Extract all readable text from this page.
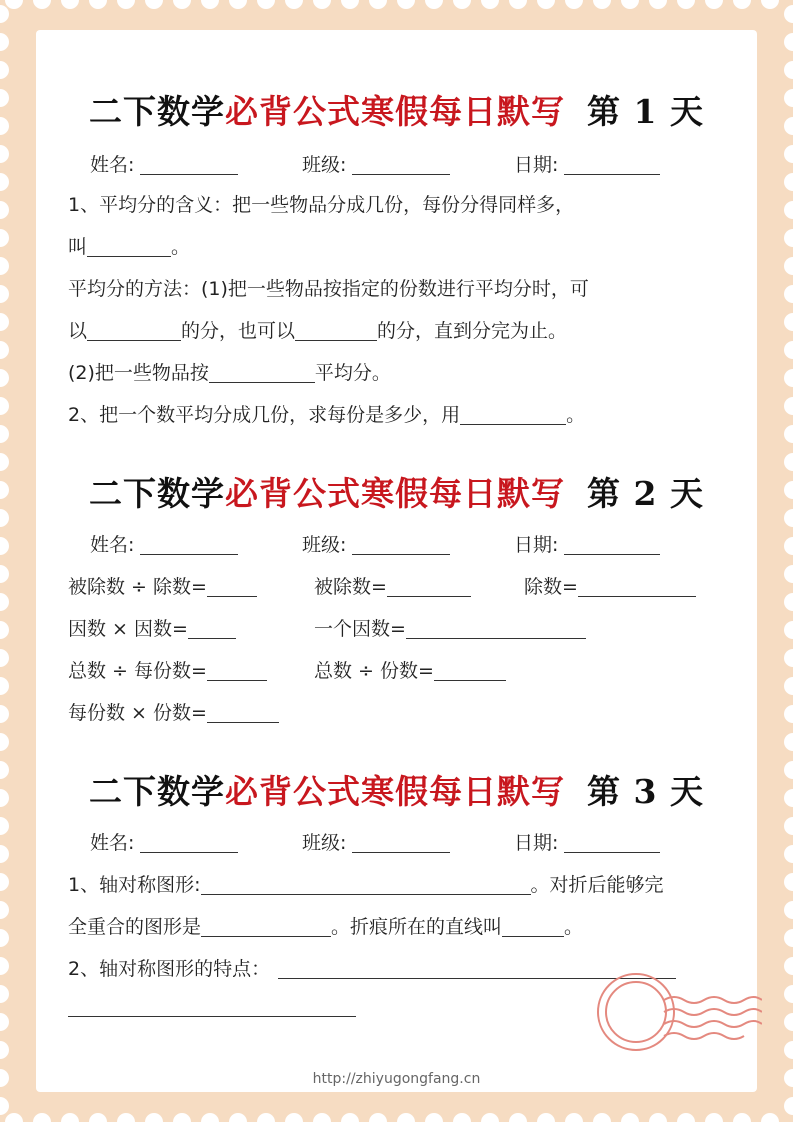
二下数学必背公式寒假每日默写 第 1 天
姓名:	班级:	日期:
1、平均分的含义：把一些物品分成几份，每份分得同样多，
叫	。
平均分的方法：(1)把一些物品按指定的份数进行平均分时，可
以	的分，也可以	的分，直到分完为止。
(2)把一些物品按	平均分。
2、把一个数平均分成几份，求每份是多少，用	。
二下数学必背公式寒假每日默写 第 2 天
姓名:	班级:	日期:
被除数 ÷ 除数=	被除数=	除数=
因数 × 因数=	一个因数=
总数 ÷ 每份数=	总数 ÷ 份数=
每份数 × 份数=
二下数学必背公式寒假每日默写 第 3 天
姓名:	班级:	日期:
1、轴对称图形:	。对折后能够完
全重合的图形是	。折痕所在的直线叫	。
2、轴对称图形的特点：
http://zhiyugongfang.cn
